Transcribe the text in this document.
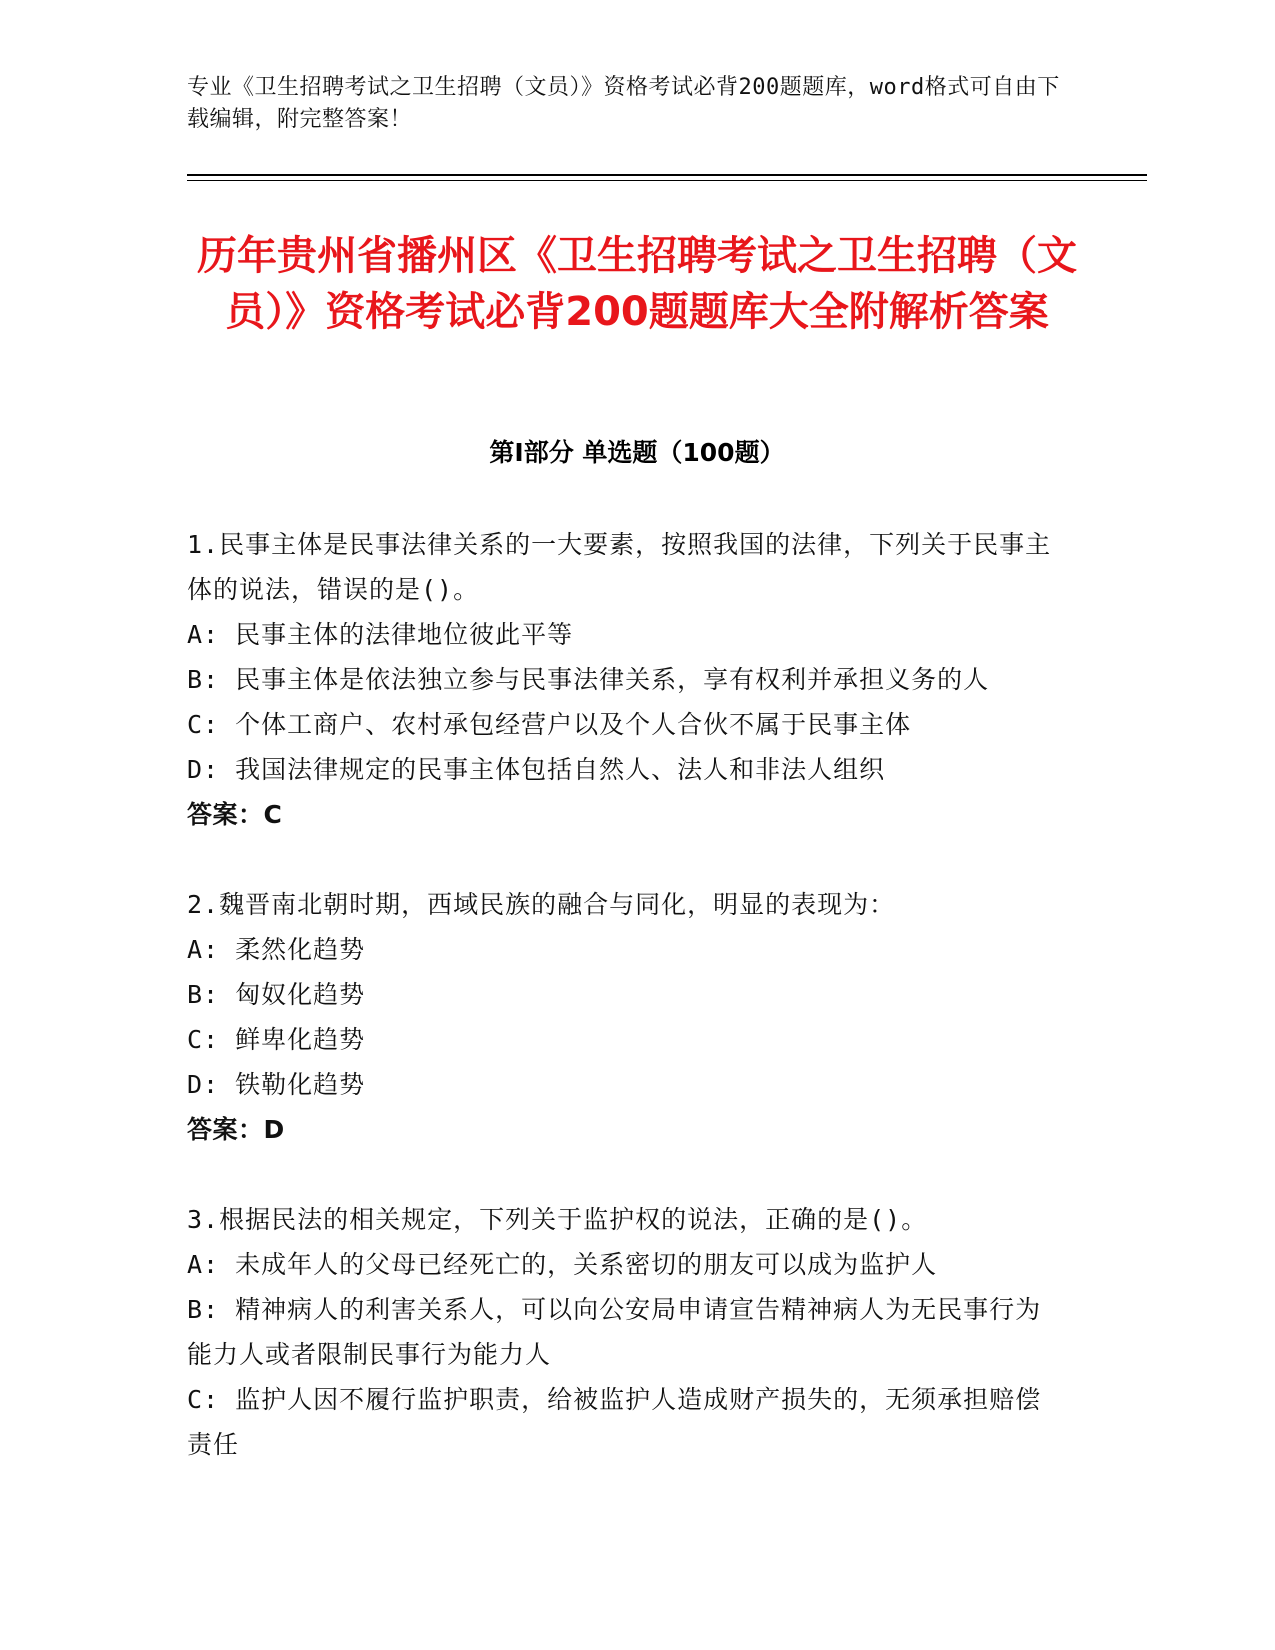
专业《卫生招聘考试之卫生招聘（文员）》资格考试必背200题题库，word格式可自由下载编辑，附完整答案！
历年贵州省播州区《卫生招聘考试之卫生招聘（文员）》资格考试必背200题题库大全附解析答案
第Ⅰ部分 单选题（100题）
1.民事主体是民事法律关系的一大要素，按照我国的法律，下列关于民事主体的说法，错误的是()。
A: 民事主体的法律地位彼此平等
B: 民事主体是依法独立参与民事法律关系，享有权利并承担义务的人
C: 个体工商户、农村承包经营户以及个人合伙不属于民事主体
D: 我国法律规定的民事主体包括自然人、法人和非法人组织
答案：C
2.魏晋南北朝时期，西域民族的融合与同化，明显的表现为：
A: 柔然化趋势
B: 匈奴化趋势
C: 鲜卑化趋势
D: 铁勒化趋势
答案：D
3.根据民法的相关规定，下列关于监护权的说法，正确的是()。
A: 未成年人的父母已经死亡的，关系密切的朋友可以成为监护人
B: 精神病人的利害关系人，可以向公安局申请宣告精神病人为无民事行为能力人或者限制民事行为能力人
C: 监护人因不履行监护职责，给被监护人造成财产损失的，无须承担赔偿责任
